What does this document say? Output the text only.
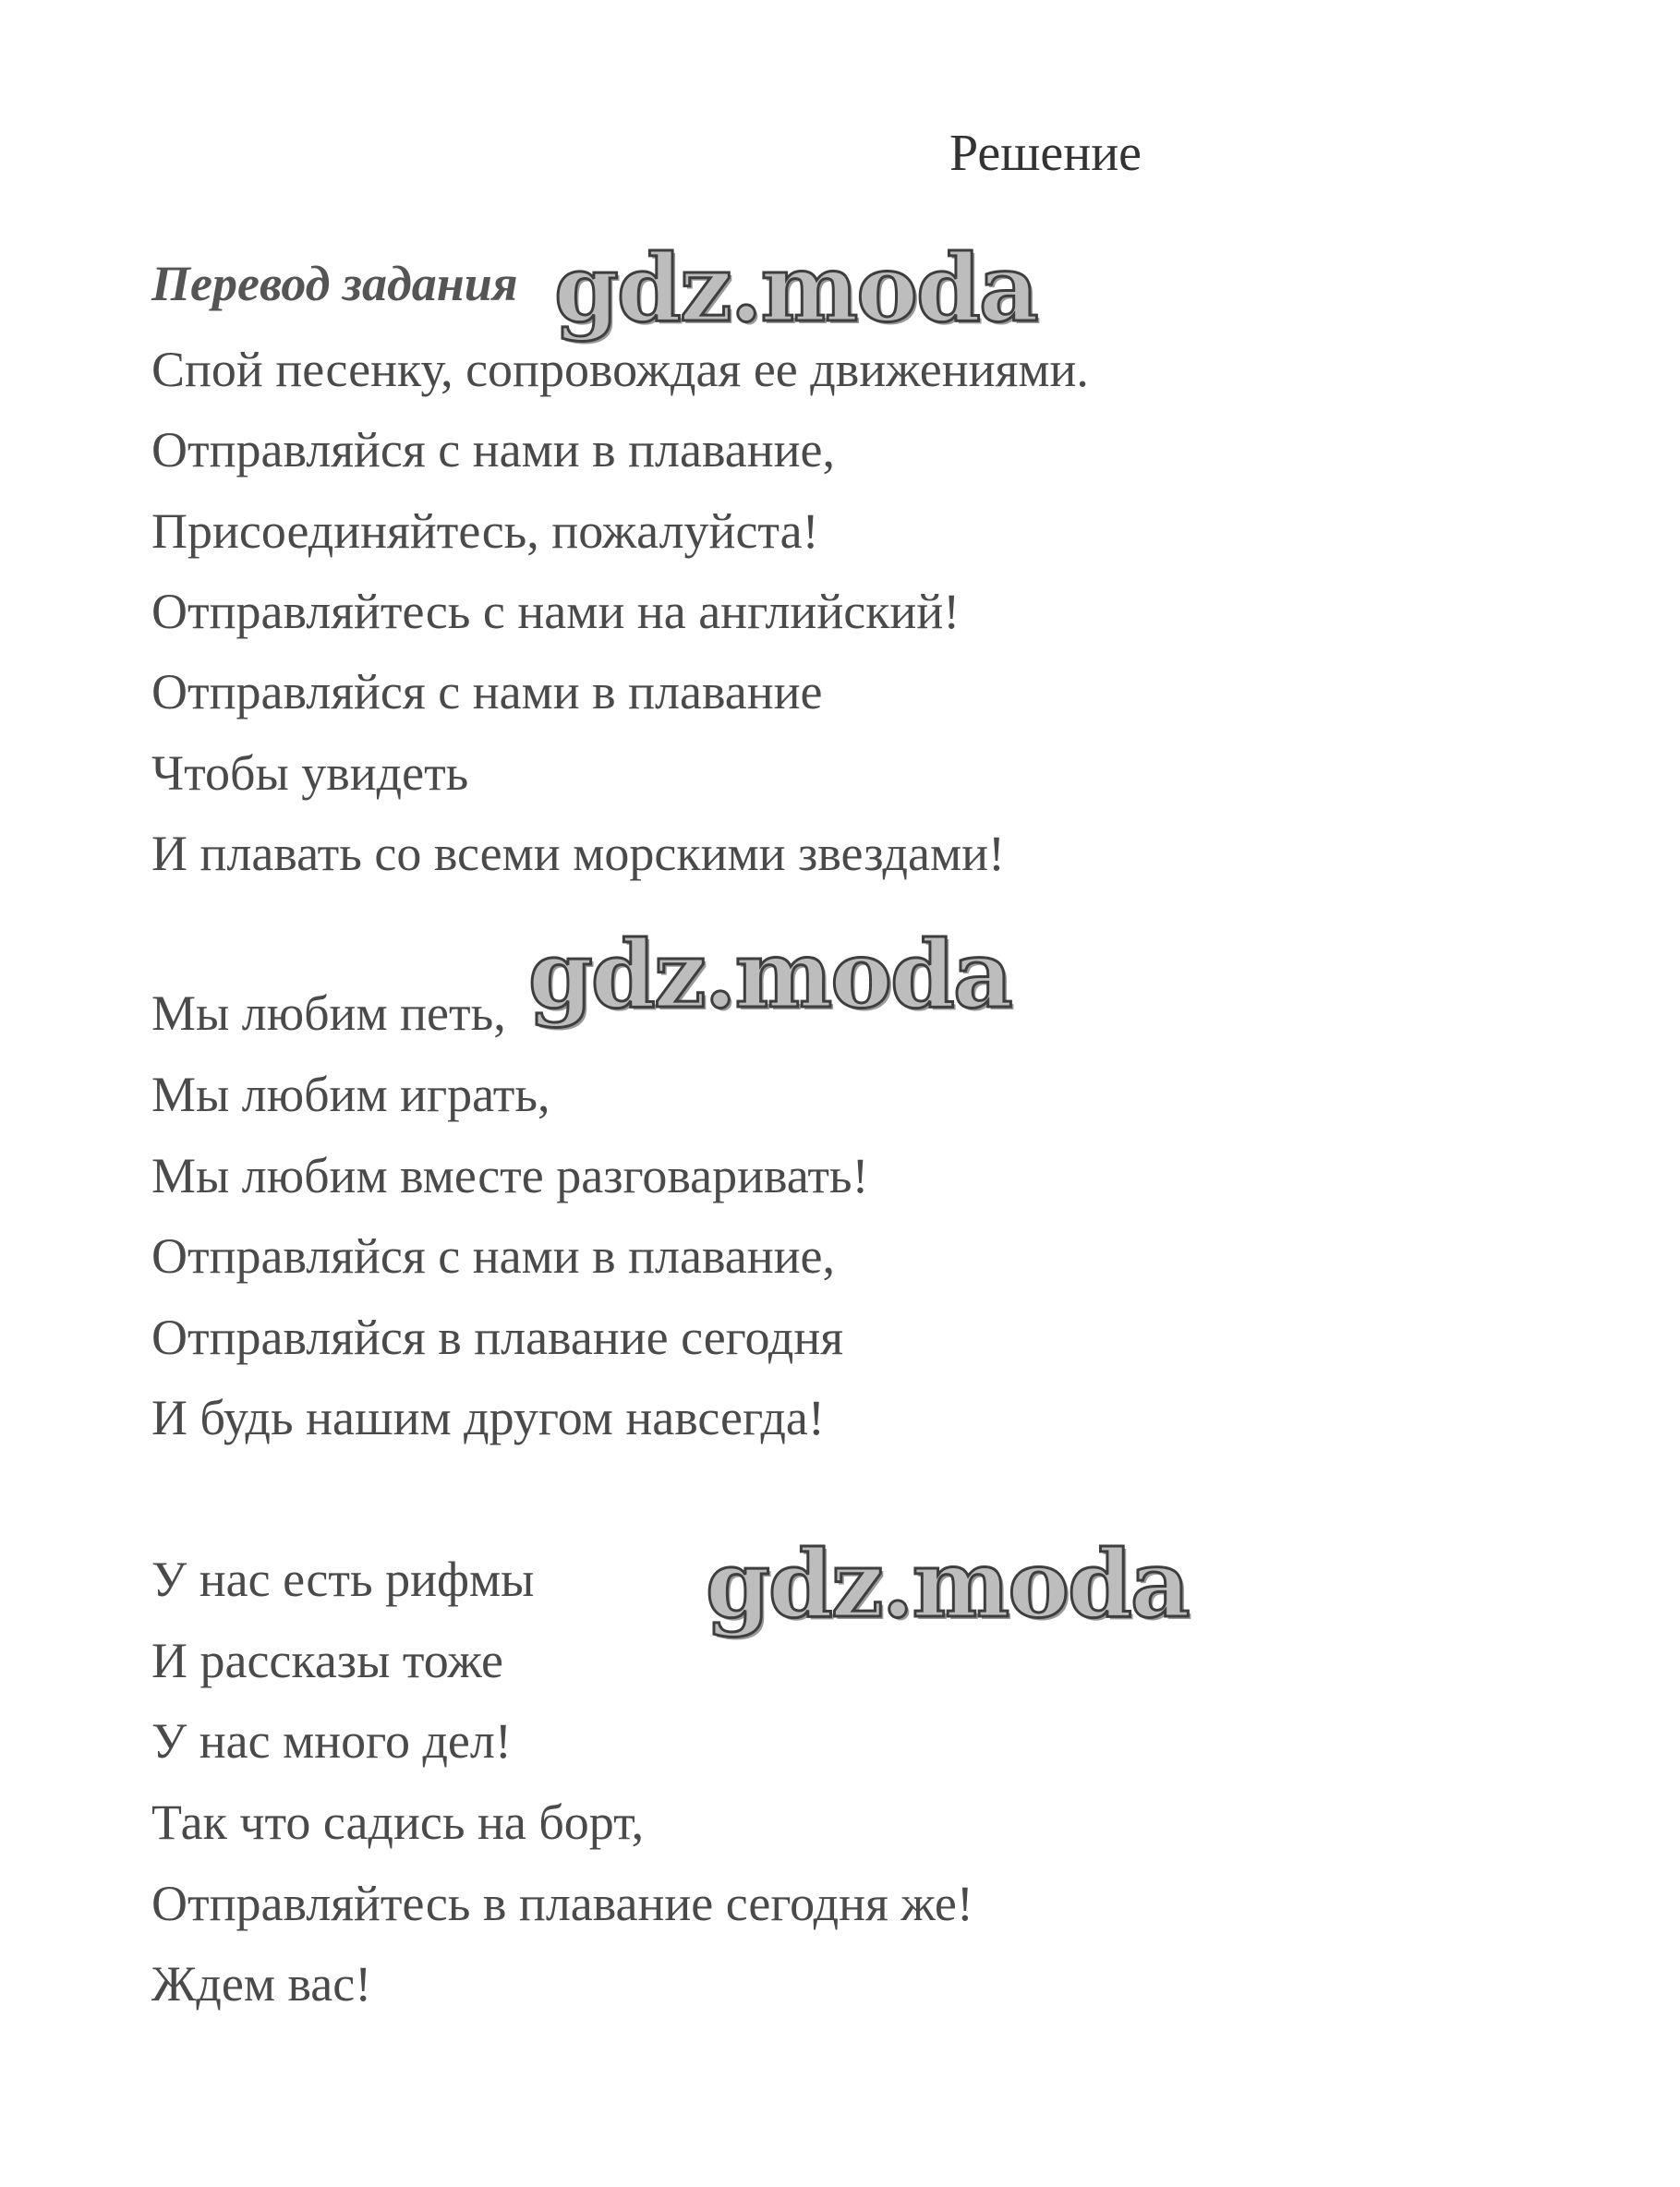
Решение
Перевод задания
Спой песенку, сопровождая ее движениями.
Отправляйся с нами в плавание,
Присоединяйтесь, пожалуйста!
Отправляйтесь с нами на английский!
Отправляйся с нами в плавание
Чтобы увидеть
И плавать со всеми морскими звездами!
Мы любим петь,
Мы любим играть,
Мы любим вместе разговаривать!
Отправляйся с нами в плавание,
Отправляйся в плавание сегодня
И будь нашим другом навсегда!
У нас есть рифмы
И рассказы тоже
У нас много дел!
Так что садись на борт,
Отправляйтесь в плавание сегодня же!
Ждем вас!
gdz.moda
gdz.moda
gdz.moda
